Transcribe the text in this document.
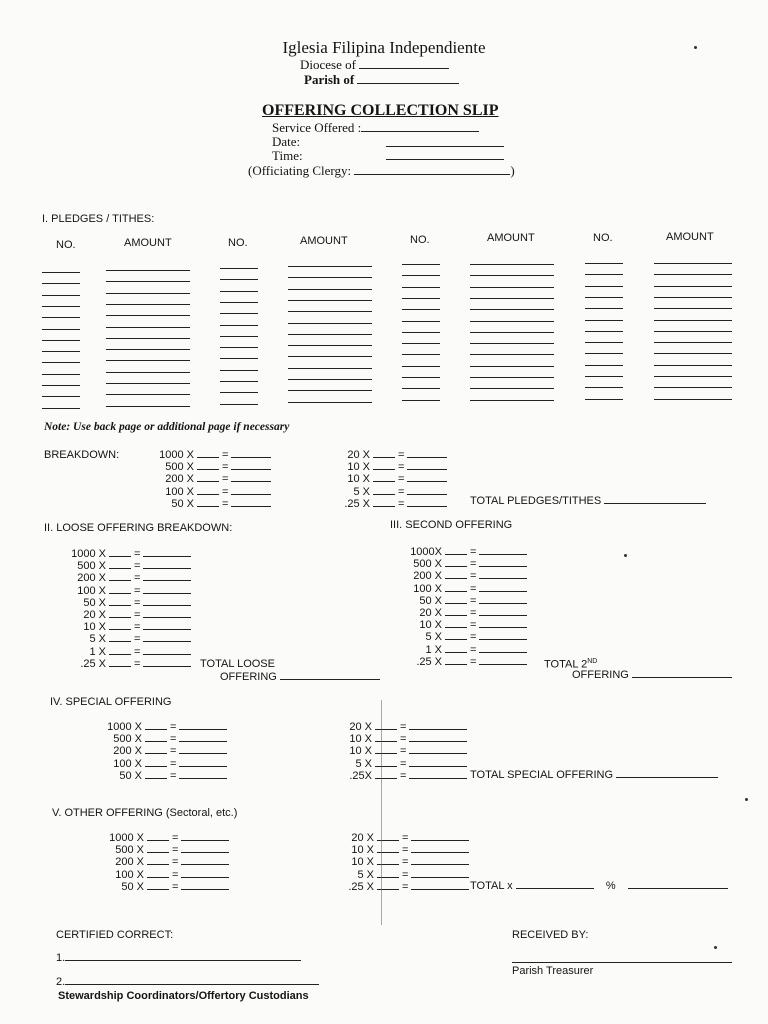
Iglesia Filipina Independiente
Diocese of
Parish of
OFFERING COLLECTION SLIP
Service Offered :
Date:
Time:
(Officiating Clergy:	)
I. PLEDGES / TITHES:
NO.	AMOUNT	NO.	AMOUNT	NO.	AMOUNT	NO.	AMOUNT
Note: Use back page or additional page if necessary
BREAKDOWN:	1000 X	=
500 X	=
200 X	=
100 X	=
50 X	=
20 X	=
10 X	=
10 X	=
5 X	=
.25 X	=	TOTAL PLEDGES/TITHES
II. LOOSE OFFERING BREAKDOWN:
1000 X	=
500 X	=
200 X	=
100 X	=
50 X	=
20 X	=
10 X	=
5 X	=
1 X	=
.25 X	=	TOTAL LOOSE
OFFERING
III. SECOND OFFERING
1000X	=
500 X	=
200 X	=
100 X	=
50 X	=
20 X	=
10 X	=
5 X	=
1 X	=
.25 X	=	TOTAL 2ND
OFFERING
IV. SPECIAL OFFERING
1000 X	=
500 X	=
200 X	=
100 X	=
50 X	=
20 X	=
10 X	=
10 X	=
5 X	=
.25X	=	TOTAL SPECIAL OFFERING
V. OTHER OFFERING (Sectoral, etc.)
1000 X	=
500 X	=
200 X	=
100 X	=
50 X	=
20 X	=
10 X	=
10 X	=
5 X	=
.25 X	=	TOTAL x	%
CERTIFIED CORRECT:
1.
2.
Stewardship Coordinators/Offertory Custodians
RECEIVED BY:
Parish Treasurer
